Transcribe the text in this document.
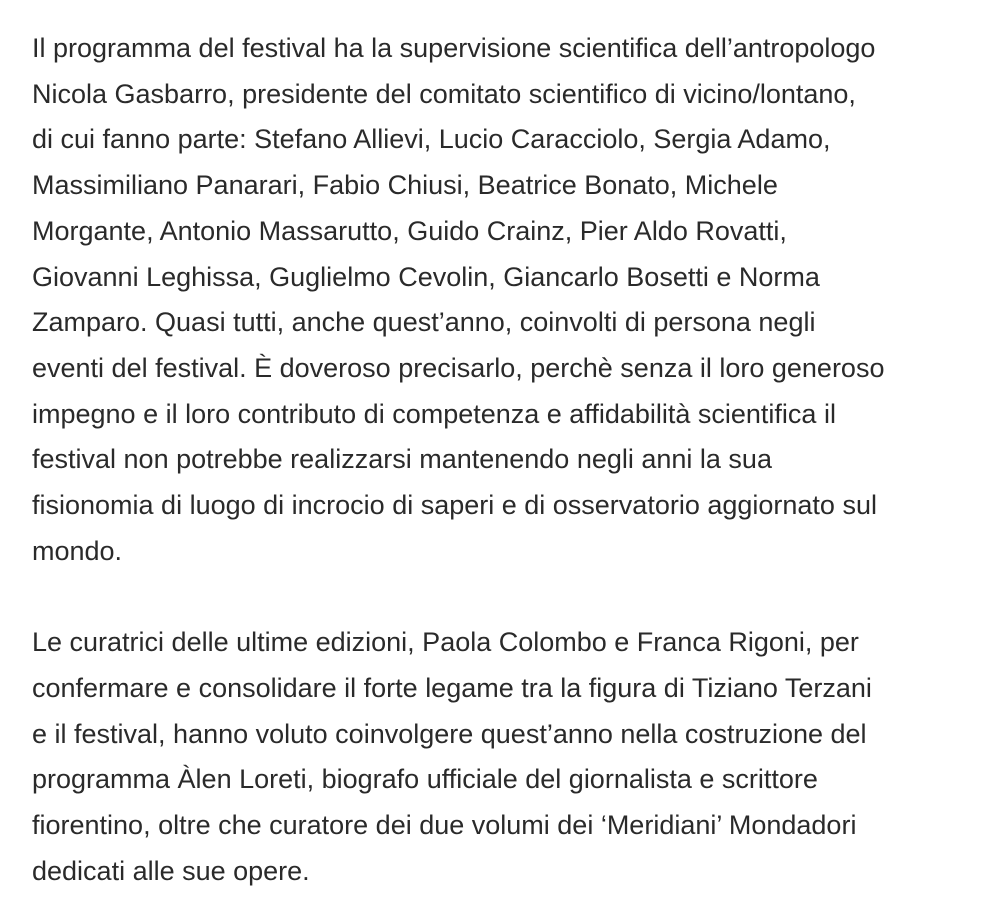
Il programma del festival ha la supervisione scientifica dell’antropologo
Nicola Gasbarro, presidente del comitato scientifico di vicino/lontano,
di cui fanno parte: Stefano Allievi, Lucio Caracciolo, Sergia Adamo,
Massimiliano Panarari, Fabio Chiusi, Beatrice Bonato, Michele
Morgante, Antonio Massarutto, Guido Crainz, Pier Aldo Rovatti,
Giovanni Leghissa, Guglielmo Cevolin, Giancarlo Bosetti e Norma
Zamparo. Quasi tutti, anche quest’anno, coinvolti di persona negli
eventi del festival. È doveroso precisarlo, perchè senza il loro generoso
impegno e il loro contributo di competenza e affidabilità scientifica il
festival non potrebbe realizzarsi mantenendo negli anni la sua
fisionomia di luogo di incrocio di saperi e di osservatorio aggiornato sul
mondo.

Le curatrici delle ultime edizioni, Paola Colombo e Franca Rigoni, per
confermare e consolidare il forte legame tra la figura di Tiziano Terzani
e il festival, hanno voluto coinvolgere quest’anno nella costruzione del
programma Àlen Loreti, biografo ufficiale del giornalista e scrittore
fiorentino, oltre che curatore dei due volumi dei ‘Meridiani’ Mondadori
dedicati alle sue opere.
